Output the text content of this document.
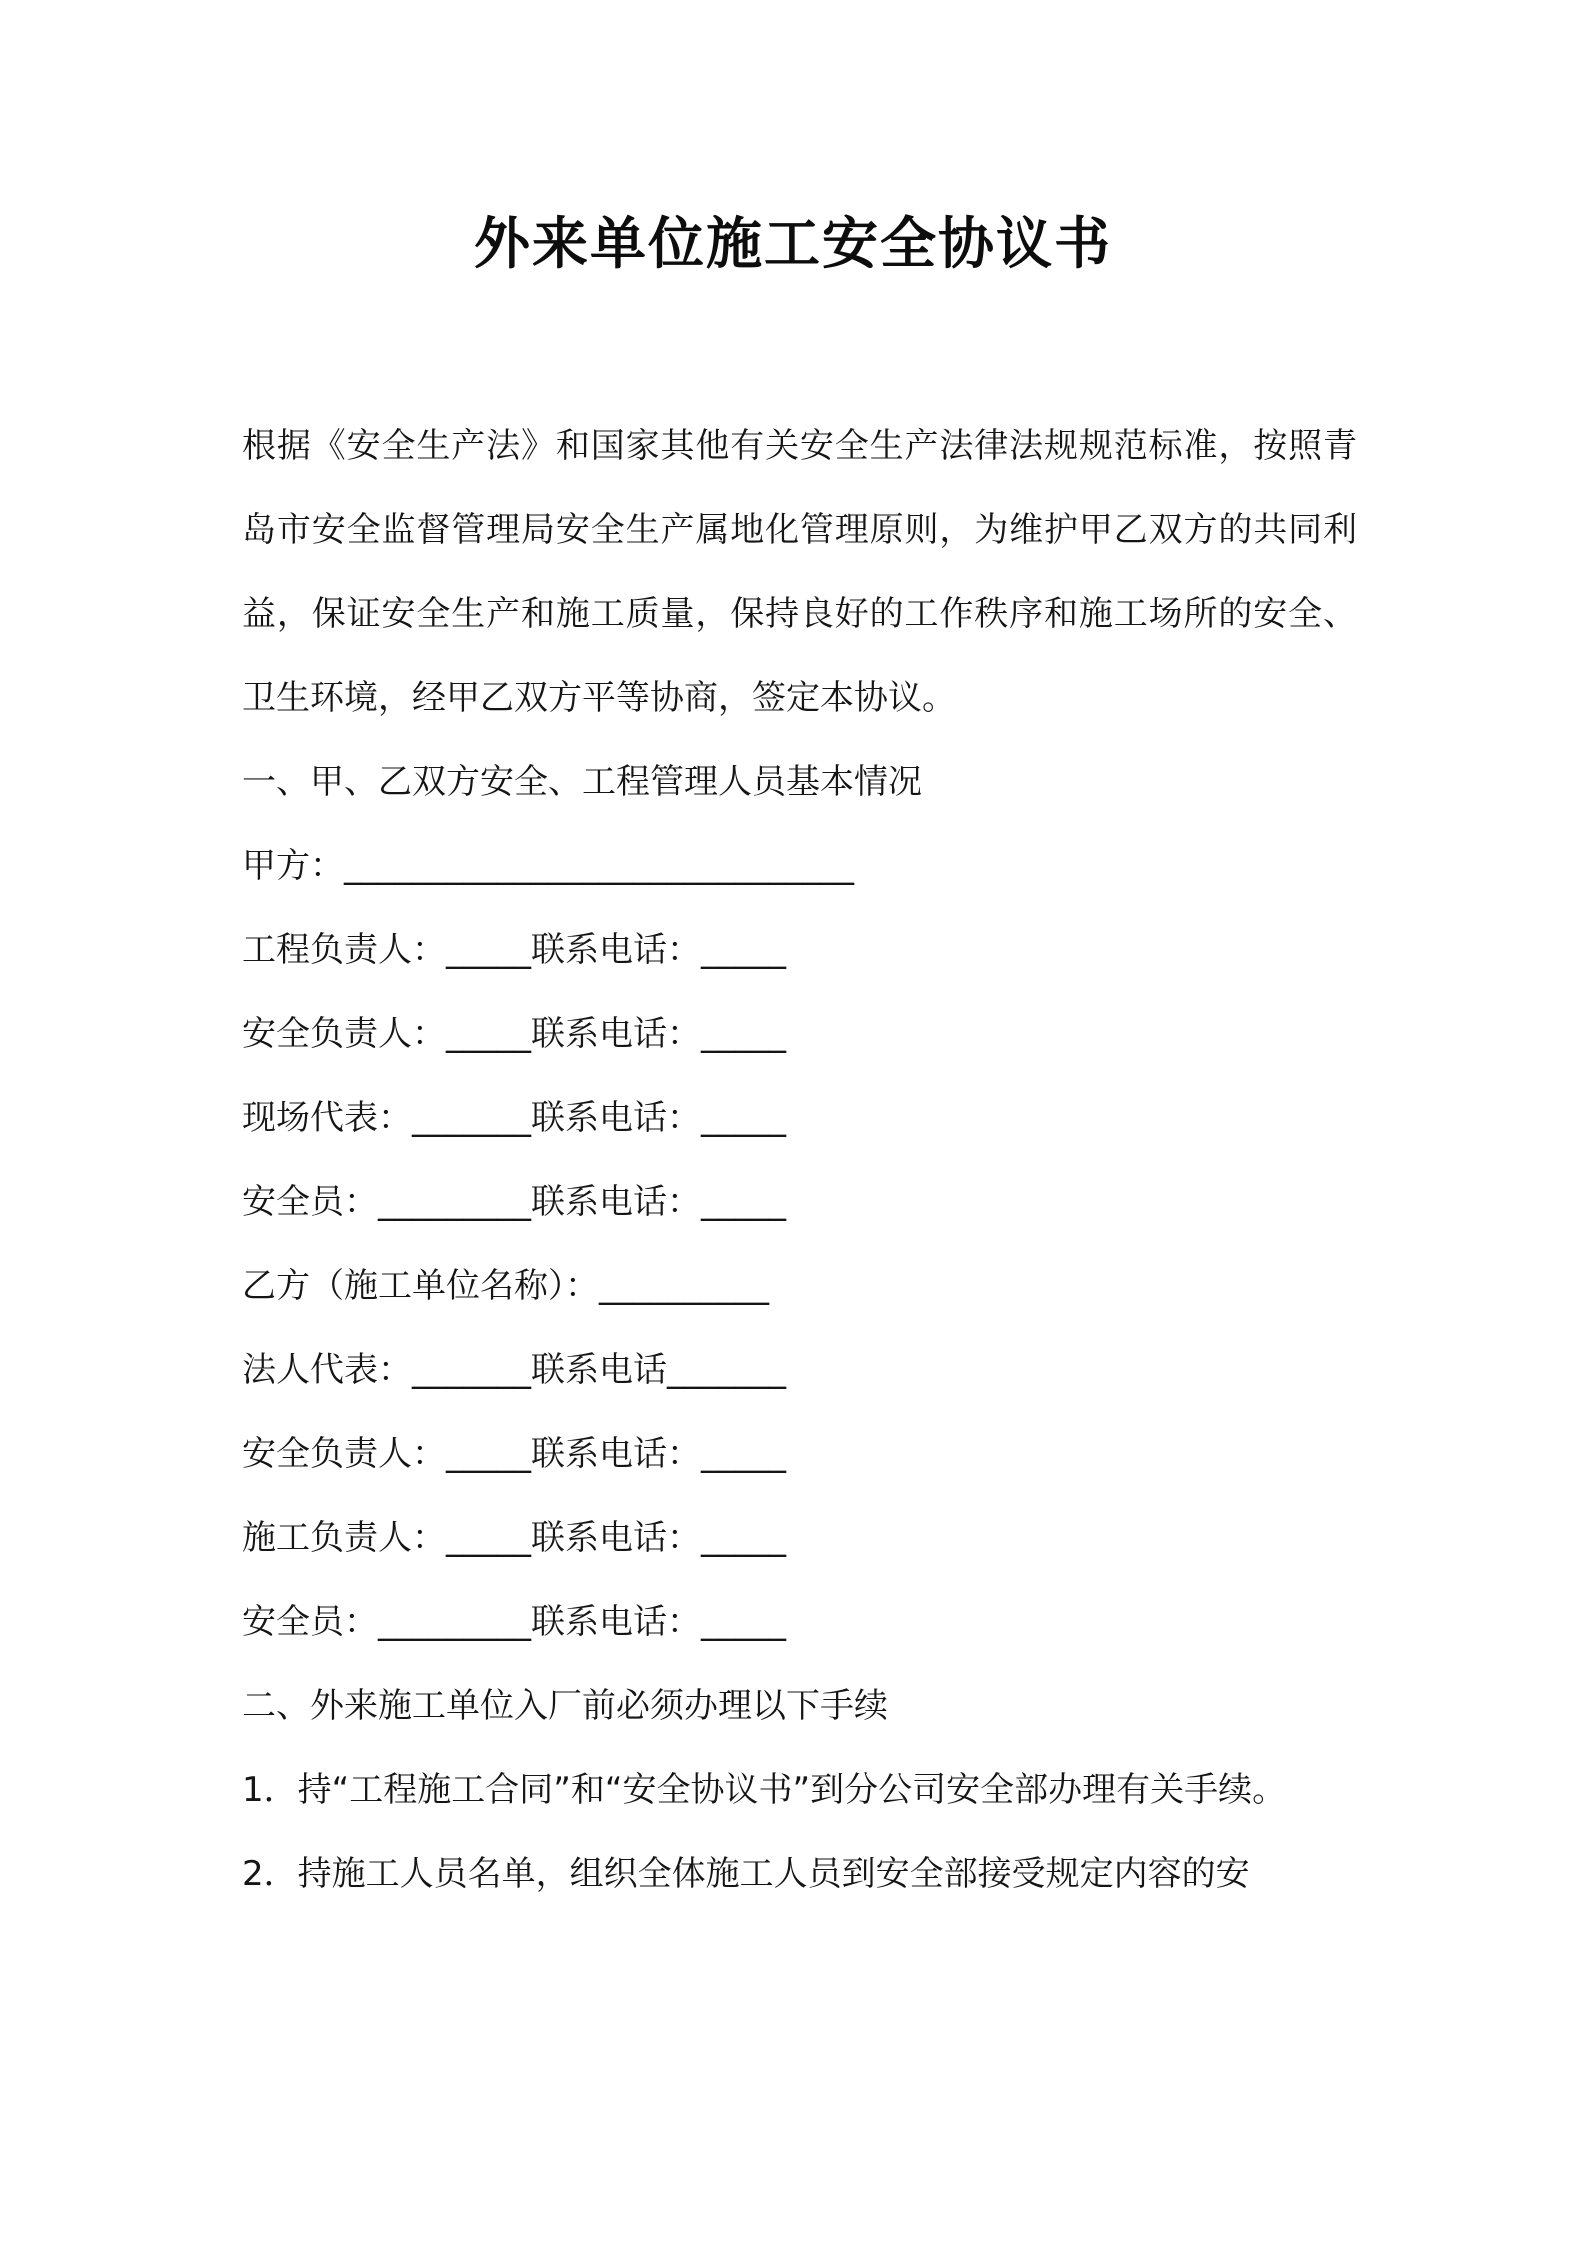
外来单位施工安全协议书

根据《安全生产法》和国家其他有关安全生产法律法规规范标准，按照青岛市安全监督管理局安全生产属地化管理原则，为维护甲乙双方的共同利益，保证安全生产和施工质量，保持良好的工作秩序和施工场所的安全、卫生环境，经甲乙双方平等协商，签定本协议。

一、甲、乙双方安全、工程管理人员基本情况

甲方：______________________________

工程负责人：_____联系电话：_____

安全负责人：_____联系电话：_____

现场代表：_______联系电话：_____

安全员：_________联系电话：_____

乙方（施工单位名称）：__________

法人代表：_______联系电话_______

安全负责人：_____联系电话：_____

施工负责人：_____联系电话：_____

安全员：_________联系电话：_____

二、外来施工单位入厂前必须办理以下手续

1．持“工程施工合同”和“安全协议书”到分公司安全部办理有关手续。

2．持施工人员名单，组织全体施工人员到安全部接受规定内容的安
